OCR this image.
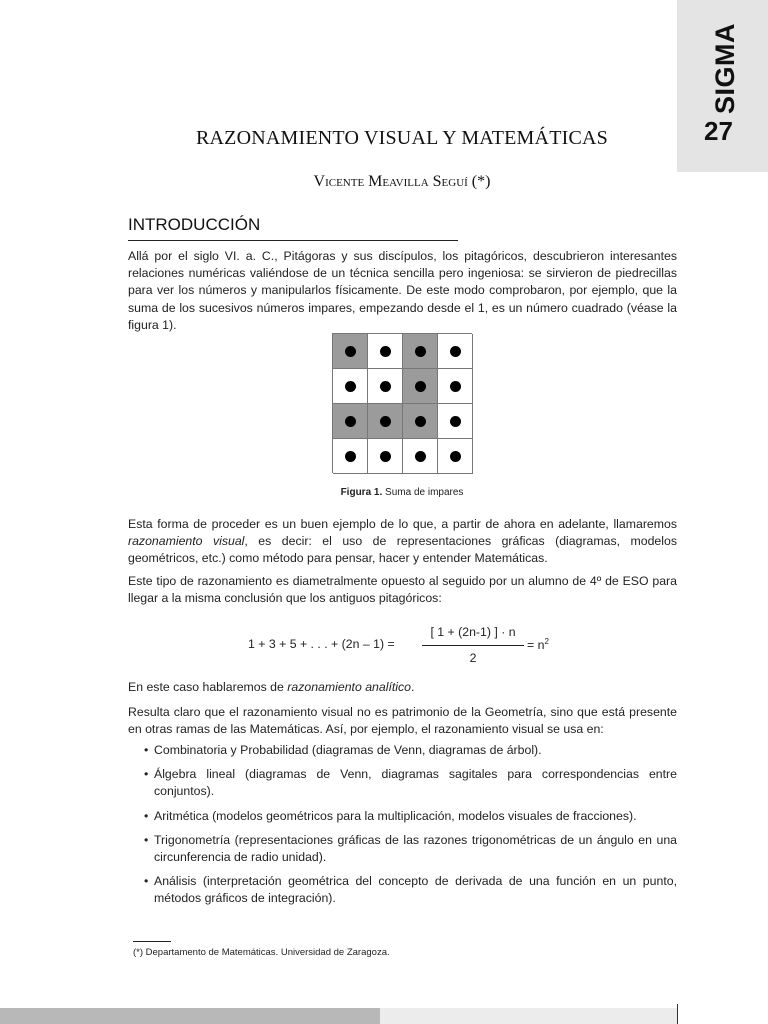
SIGMA
27
RAZONAMIENTO VISUAL Y MATEMÁTICAS
Vicente Meavilla Seguí (*)
INTRODUCCIÓN

Allá por el siglo VI. a. C., Pitágoras y sus discípulos, los pitagóricos, descubrieron interesantes relaciones numéricas valiéndose de un técnica sencilla pero ingeniosa: se sirvieron de piedrecillas para ver los números y manipularlos físicamente. De este modo comprobaron, por ejemplo, que la suma de los sucesivos números impares, empezando desde el 1, es un número cuadrado (véase la figura 1).

Figura 1. Suma de impares

Esta forma de proceder es un buen ejemplo de lo que, a partir de ahora en adelante, llamaremos razonamiento visual, es decir: el uso de representaciones gráficas (diagramas, modelos geométricos, etc.) como método para pensar, hacer y entender Matemáticas.

Este tipo de razonamiento es diametralmente opuesto al seguido por un alumno de 4º de ESO para llegar a la misma conclusión que los antiguos pitagóricos:

1 + 3 + 5 + . . . + (2n – 1) =
[ 1 + (2n-1) ] · n
2
= $n^2$

En este caso hablaremos de razonamiento analítico.

Resulta claro que el razonamiento visual no es patrimonio de la Geometría, sino que está presente en otras ramas de las Matemáticas. Así, por ejemplo, el razonamiento visual se usa en:

• Combinatoria y Probabilidad (diagramas de Venn, diagramas de árbol).
• Álgebra lineal (diagramas de Venn, diagramas sagitales para correspondencias entre conjuntos).
• Aritmética (modelos geométricos para la multiplicación, modelos visuales de fracciones).
• Trigonometría (representaciones gráficas de las razones trigonométricas de un ángulo en una circunferencia de radio unidad).
• Análisis (interpretación geométrica del concepto de derivada de una función en un punto, métodos gráficos de integración).
(*) Departamento de Matemáticas. Universidad de Zaragoza.
